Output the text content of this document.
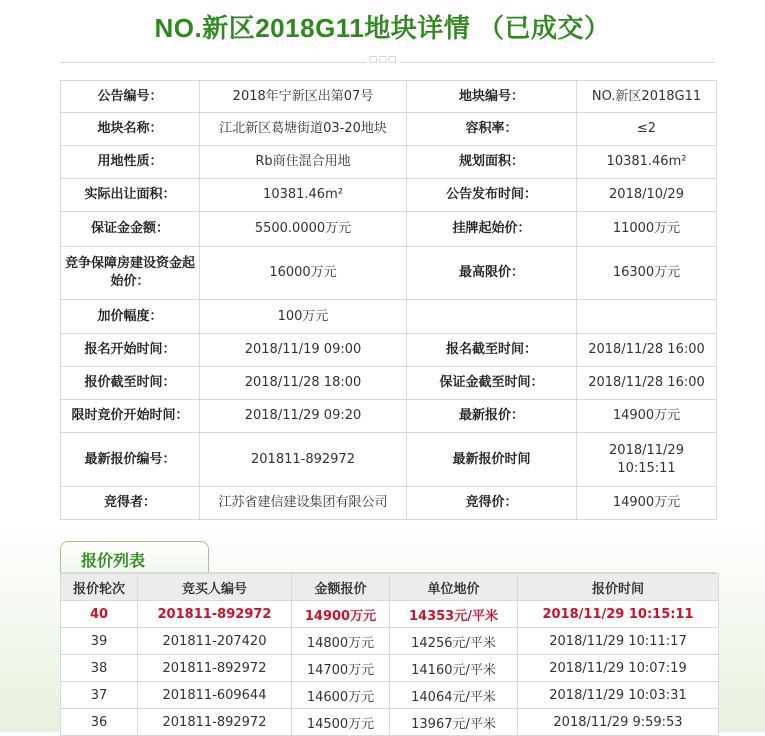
NO.新区2018G11地块详情 （已成交）
□□□
公告编号：	2018年宁新区出第07号	地块编号：	NO.新区2018G11
地块名称：	江北新区葛塘街道03-20地块	容积率：	≤2
用地性质：	Rb商住混合用地	规划面积：	10381.46m²
实际出让面积：	10381.46m²	公告发布时间：	2018/10/29
保证金金额：	5500.0000万元	挂牌起始价：	11000万元
竞争保障房建设资金起始价：	16000万元	最高限价：	16300万元
加价幅度：	100万元		
报名开始时间：	2018/11/19 09:00	报名截至时间：	2018/11/28 16:00
报价截至时间：	2018/11/28 18:00	保证金截至时间：	2018/11/28 16:00
限时竞价开始时间：	2018/11/29 09:20	最新报价：	14900万元
最新报价编号：	201811-892972	最新报价时间	2018/11/29 10:15:11
竞得者：	江苏省建信建设集团有限公司	竞得价：	14900万元
报价列表
报价轮次	竞买人编号	金额报价	单位地价	报价时间
40	201811-892972	14900万元	14353元/平米	2018/11/29 10:15:11
39	201811-207420	14800万元	14256元/平米	2018/11/29 10:11:17
38	201811-892972	14700万元	14160元/平米	2018/11/29 10:07:19
37	201811-609644	14600万元	14064元/平米	2018/11/29 10:03:31
36	201811-892972	14500万元	13967元/平米	2018/11/29 9:59:53
